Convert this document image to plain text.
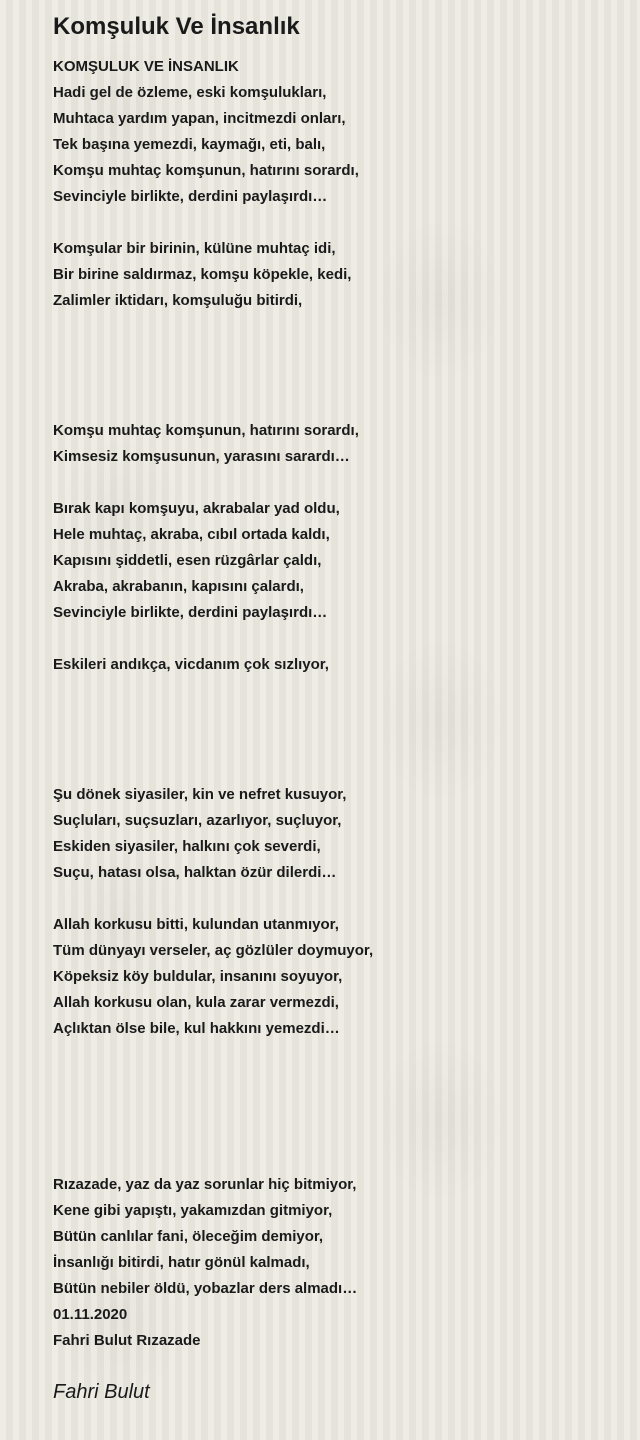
Komşuluk Ve İnsanlık
KOMŞULUK VE İNSANLIK
Hadi gel de özleme, eski komşulukları,
Muhtaca yardım yapan, incitmezdi onları,
Tek başına yemezdi, kaymağı, eti, balı,
Komşu muhtaç komşunun, hatırını sorardı,
Sevinciyle birlikte, derdini paylaşırdı…
Komşular bir birinin, külüne muhtaç idi,
Bir birine saldırmaz, komşu köpekle, kedi,
Zalimler iktidarı, komşuluğu bitirdi,
Komşu muhtaç komşunun, hatırını sorardı,
Kimsesiz komşusunun, yarasını sarardı…
Bırak kapı komşuyu, akrabalar yad oldu,
Hele muhtaç, akraba, cıbıl ortada kaldı,
Kapısını şiddetli, esen rüzgârlar çaldı,
Akraba, akrabanın, kapısını çalardı,
Sevinciyle birlikte, derdini paylaşırdı…
Eskileri andıkça, vicdanım çok sızlıyor,
Şu dönek siyasiler, kin ve nefret kusuyor,
Suçluları, suçsuzları, azarlıyor, suçluyor,
Eskiden siyasiler, halkını çok severdi,
Suçu, hatası olsa, halktan özür dilerdi…
Allah korkusu bitti, kulundan utanmıyor,
Tüm dünyayı verseler, aç gözlüler doymuyor,
Köpeksiz köy buldular, insanını soyuyor,
Allah korkusu olan, kula zarar vermezdi,
Açlıktan ölse bile, kul hakkını yemezdi…
Rızazade, yaz da yaz sorunlar hiç bitmiyor,
Kene gibi yapıştı, yakamızdan gitmiyor,
Bütün canlılar fani, öleceğim demiyor,
İnsanlığı bitirdi, hatır gönül kalmadı,
Bütün nebiler öldü, yobazlar ders almadı…
01.11.2020
Fahri Bulut Rızazade
Fahri Bulut
